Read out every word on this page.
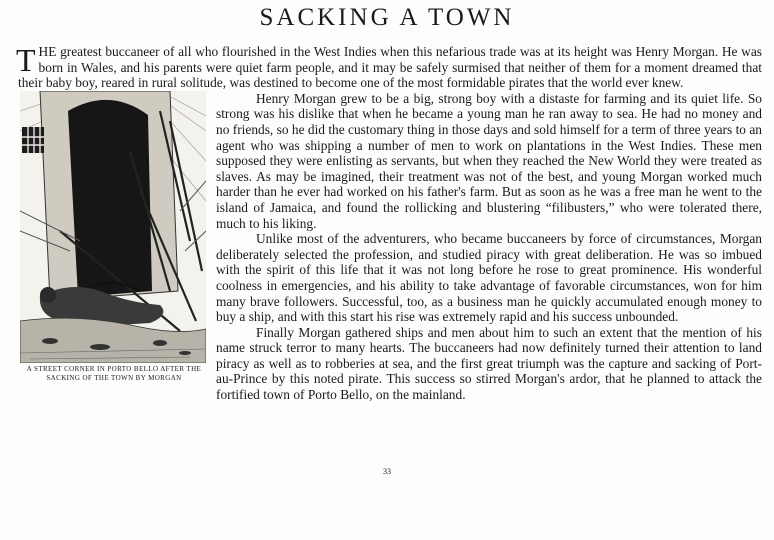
SACKING A TOWN

THE greatest buccaneer of all who flourished in the West Indies when this nefarious trade was at its height was Henry Morgan. He was born in Wales, and his parents were quiet farm people, and it may be safely surmised that neither of them for a moment dreamed that their baby boy, reared in rural solitude, was destined to become one of the most formidable pirates that the world ever knew.

A STREET CORNER IN PORTO BELLO AFTER THE SACKING OF THE TOWN BY MORGAN

Henry Morgan grew to be a big, strong boy with a distaste for farming and its quiet life. So strong was his dislike that when he became a young man he ran away to sea. He had no money and no friends, so he did the customary thing in those days and sold himself for a term of three years to an agent who was shipping a number of men to work on plantations in the West Indies. These men supposed they were enlisting as servants, but when they reached the New World they were treated as slaves. As may be imagined, their treatment was not of the best, and young Morgan worked much harder than he ever had worked on his father's farm. But as soon as he was a free man he went to the island of Jamaica, and found the rollicking and blustering “filibusters,” who were tolerated there, much to his liking.

Unlike most of the adventurers, who became buccaneers by force of circumstances, Morgan deliberately selected the profession, and studied piracy with great deliberation. He was so imbued with the spirit of this life that it was not long before he rose to great prominence. His wonderful coolness in emergencies, and his ability to take advantage of favorable circumstances, won for him many brave followers. Successful, too, as a business man he quickly accumulated enough money to buy a ship, and with this start his rise was extremely rapid and his success unbounded.

Finally Morgan gathered ships and men about him to such an extent that the mention of his name struck terror to many hearts. The buccaneers had now definitely turned their attention to land piracy as well as to robberies at sea, and the first great triumph was the capture and sacking of Port-au-Prince by this noted pirate. This success so stirred Morgan's ardor, that he planned to attack the fortified town of Porto Bello, on the mainland.

33
